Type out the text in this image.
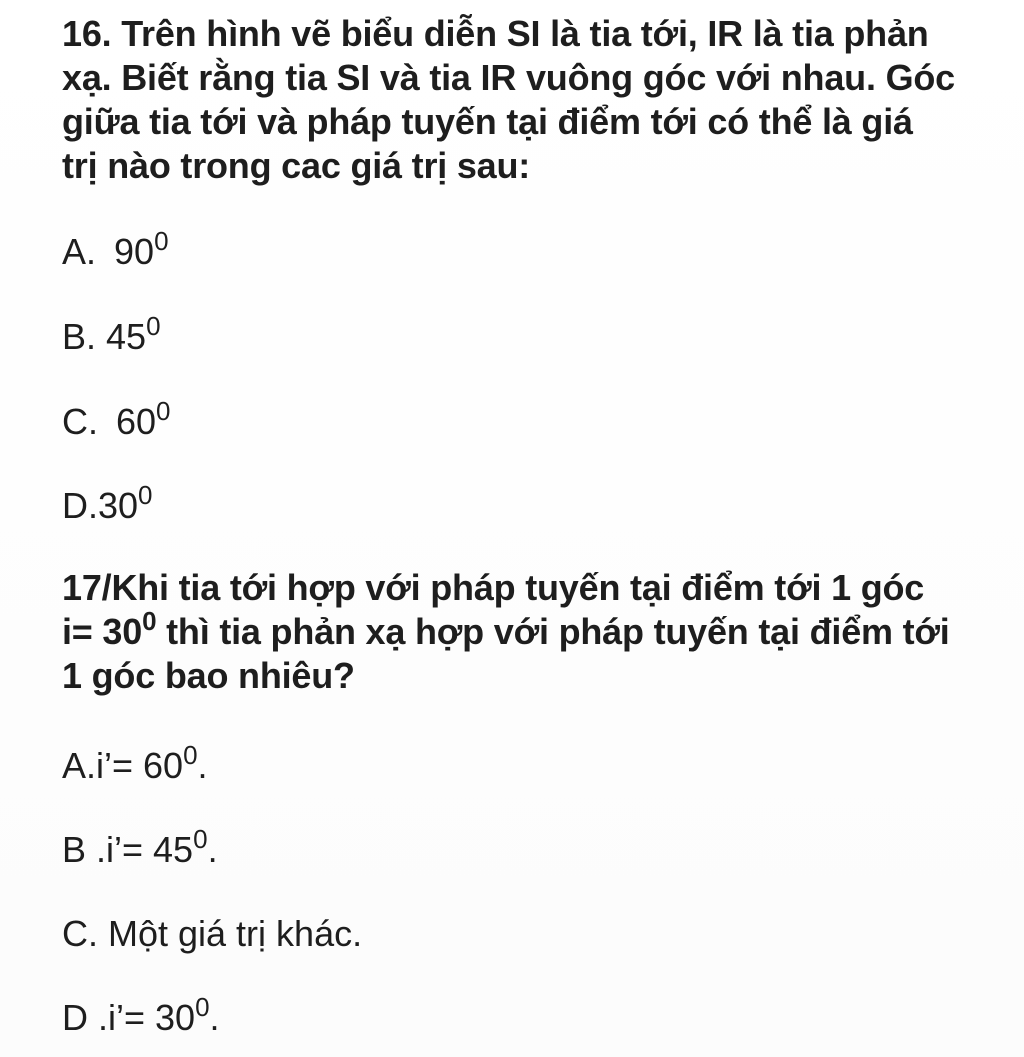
16. Trên hình vẽ biểu diễn SI là tia tới, IR là tia phản
xạ. Biết rằng tia SI và tia IR vuông góc với nhau. Góc
giữa tia tới và pháp tuyến tại điểm tới có thể là giá
trị nào trong cac giá trị sau:
A. $90^0$
B. $45^0$
C. $60^0$
$D.30^0$
17/Khi tia tới hợp với pháp tuyến tại điểm tới 1 góc
$i= 30^0$ thì tia phản xạ hợp với pháp tuyến tại điểm tới
1 góc bao nhiêu?
A.i’= $60^0$.
B .i’= $45^0$.
C. Một giá trị khác.
D .i’= $30^0$.
